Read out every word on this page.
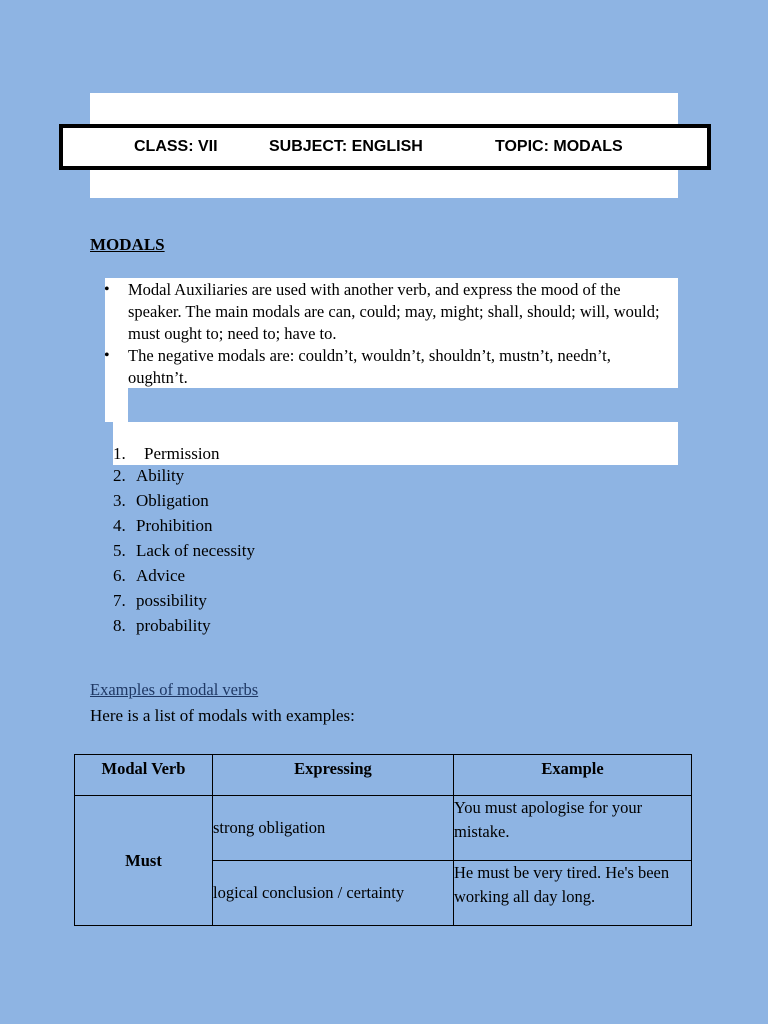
CLASS: VII	SUBJECT: ENGLISH	TOPIC: MODALS
MODALS
• Modal Auxiliaries are used with another verb, and express the mood of the speaker. The main modals are can, could; may, might; shall, should; will, would; must ought to; need to; have to.
• The negative modals are: couldn’t, wouldn’t, shouldn’t, mustn’t, needn’t, oughtn’t.
1. Permission
2. Ability
3. Obligation
4. Prohibition
5. Lack of necessity
6. Advice
7. possibility
8. probability
Examples of modal verbs
Here is a list of modals with examples:
Modal Verb	Expressing	Example
Must	strong obligation	You must apologise for your mistake.
	logical conclusion / certainty	He must be very tired. He's been working all day long.
